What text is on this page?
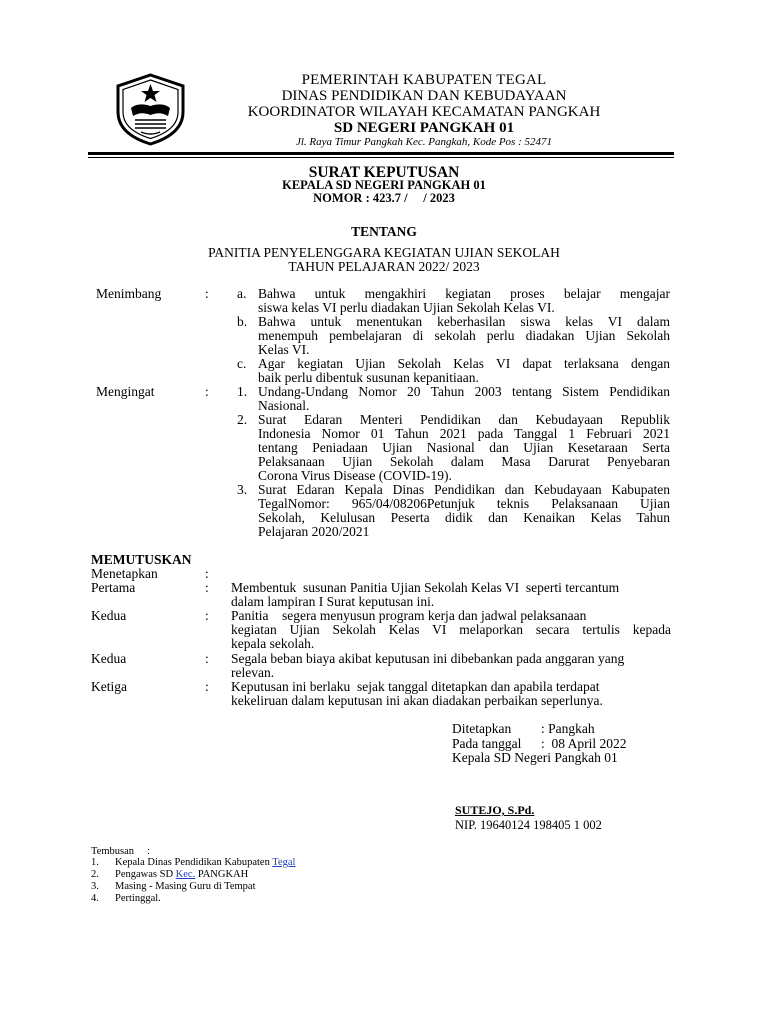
PEMERINTAH KABUPATEN TEGAL
DINAS PENDIDIKAN DAN KEBUDAYAAN
KOORDINATOR WILAYAH KECAMATAN PANGKAH
SD NEGERI PANGKAH 01
Jl. Raya Timur Pangkah Kec. Pangkah, Kode Pos : 52471
SURAT KEPUTUSAN
KEPALA SD NEGERI PANGKAH 01
NOMOR : 423.7 /     / 2023
TENTANG
PANITIA PENYELENGGARA KEGIATAN UJIAN SEKOLAH
TAHUN PELAJARAN 2022/ 2023
Menimbang	: a. Bahwa untuk mengakhiri kegiatan proses belajar mengajar
siswa kelas VI perlu diadakan Ujian Sekolah Kelas VI.
b. Bahwa untuk menentukan keberhasilan siswa kelas VI dalam
menempuh pembelajaran di sekolah perlu diadakan Ujian Sekolah
Kelas VI.
c. Agar kegiatan Ujian Sekolah Kelas VI dapat terlaksana dengan
baik perlu dibentuk susunan kepanitiaan.
Mengingat	: 1. Undang-Undang Nomor 20 Tahun 2003 tentang Sistem Pendidikan
Nasional.
2. Surat Edaran Menteri Pendidikan dan Kebudayaan Republik
Indonesia Nomor 01 Tahun 2021 pada Tanggal 1 Februari 2021
tentang Peniadaan Ujian Nasional dan Ujian Kesetaraan Serta
Pelaksanaan Ujian Sekolah dalam Masa Darurat Penyebaran
Corona Virus Disease (COVID-19).
3. Surat Edaran Kepala Dinas Pendidikan dan Kebudayaan Kabupaten
TegalNomor: 965/04/08206Petunjuk teknis Pelaksanaan Ujian
Sekolah, Kelulusan Peserta didik dan Kenaikan Kelas Tahun
Pelajaran 2020/2021
MEMUTUSKAN
Menetapkan	:
Pertama	: Membentuk  susunan Panitia Ujian Sekolah Kelas VI  seperti tercantum
dalam lampiran I Surat keputusan ini.
Kedua	: Panitia    segera menyusun program kerja dan jadwal pelaksanaan
kegiatan Ujian Sekolah Kelas VI melaporkan secara tertulis kepada
kepala sekolah.
Kedua	: Segala beban biaya akibat keputusan ini dibebankan pada anggaran yang
relevan.
Ketiga	: Keputusan ini berlaku  sejak tanggal ditetapkan dan apabila terdapat
kekeliruan dalam keputusan ini akan diadakan perbaikan seperlunya.
Ditetapkan : Pangkah
Pada tanggal :  08 April 2022
Kepala SD Negeri Pangkah 01
SUTEJO, S.Pd.
NIP. 19640124 198405 1 002
Tembusan     :
1. Kepala Dinas Pendidikan Kabupaten Tegal
2. Pengawas SD Kec. PANGKAH
3. Masing - Masing Guru di Tempat
4. Pertinggal.
